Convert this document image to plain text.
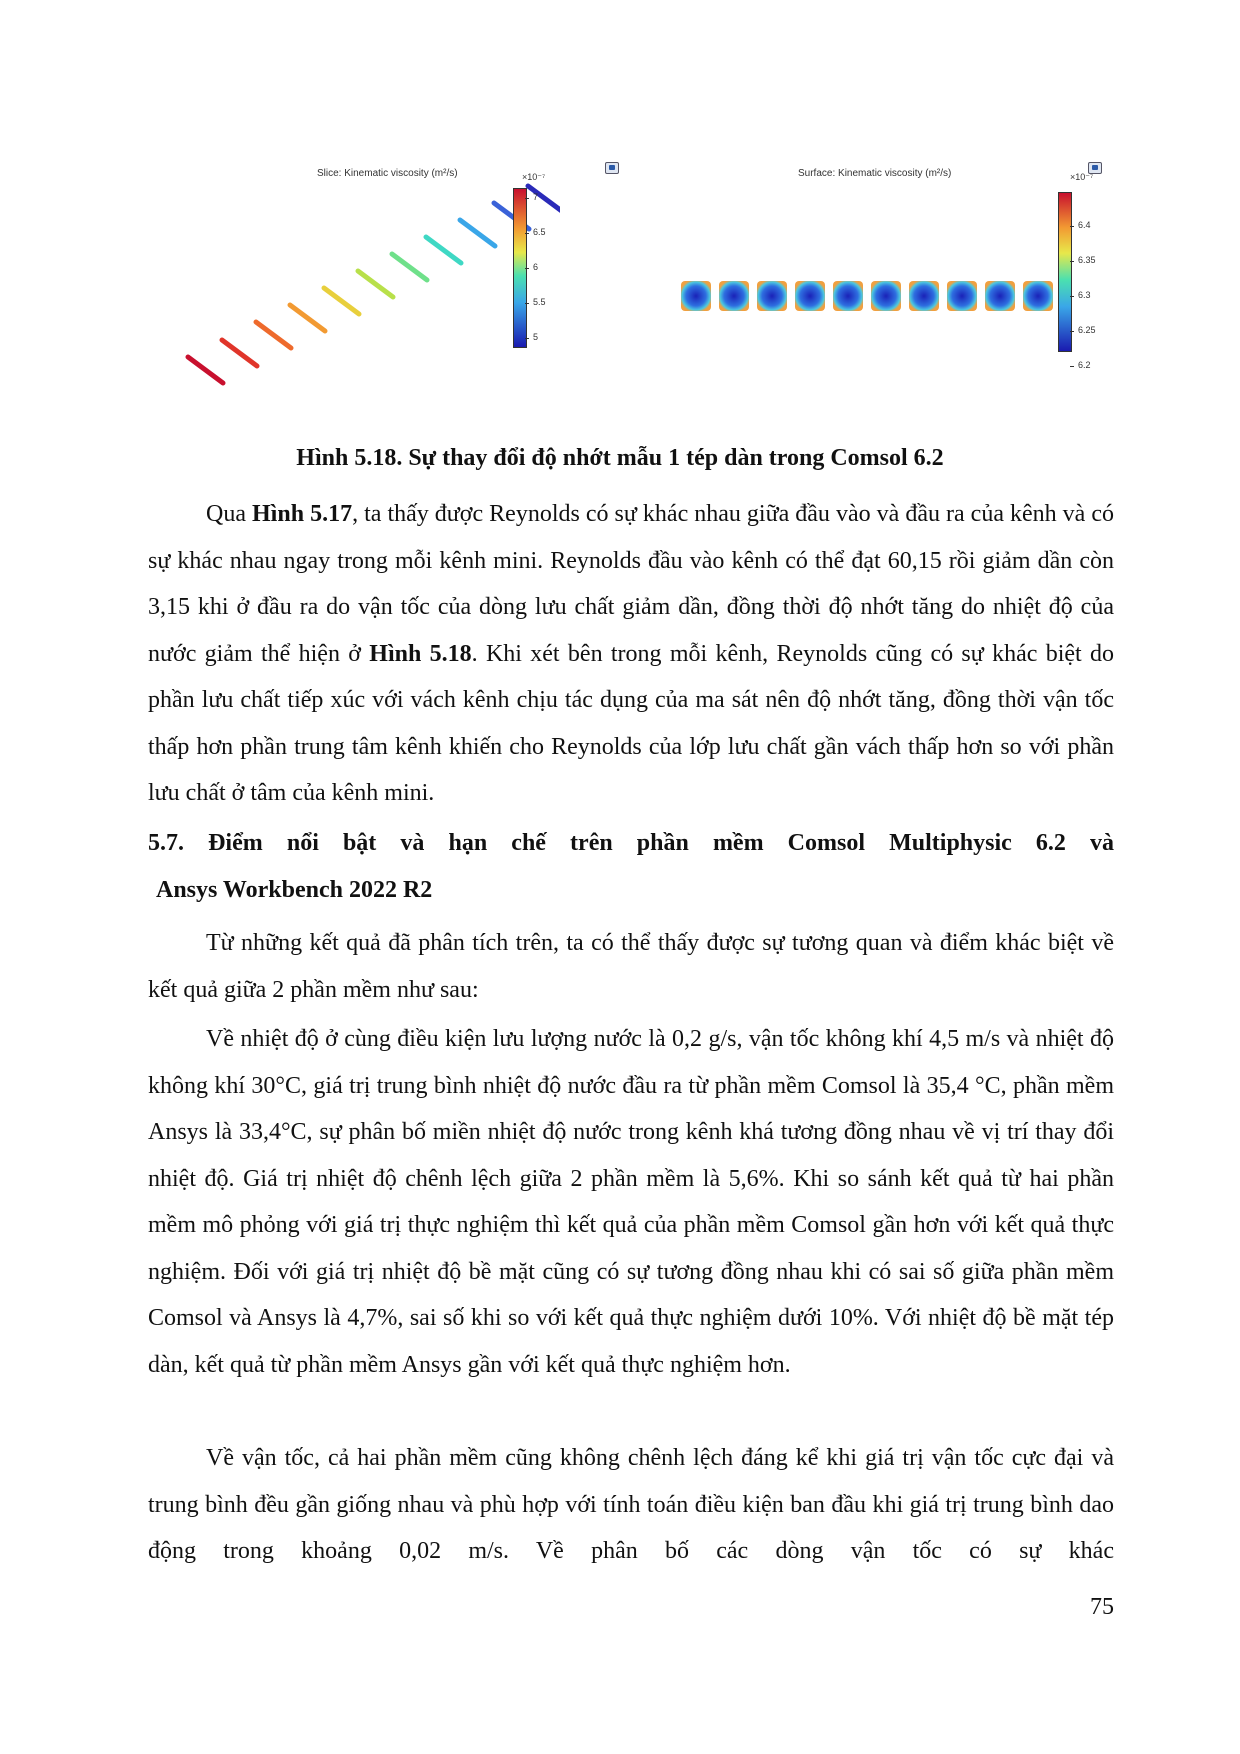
Slice: Kinematic viscosity (m²/s)	×10⁻⁷
7
6.5
6
5.5
5
Surface: Kinematic viscosity (m²/s)	×10⁻⁷
6.4
6.35
6.3
6.25
6.2
Hình 5.18. Sự thay đổi độ nhớt mẫu 1 tép dàn trong Comsol 6.2

Qua Hình 5.17, ta thấy được Reynolds có sự khác nhau giữa đầu vào và đầu ra của kênh và có sự khác nhau ngay trong mỗi kênh mini. Reynolds đầu vào kênh có thể đạt 60,15 rồi giảm dần còn 3,15 khi ở đầu ra do vận tốc của dòng lưu chất giảm dần, đồng thời độ nhớt tăng do nhiệt độ của nước giảm thể hiện ở Hình 5.18. Khi xét bên trong mỗi kênh, Reynolds cũng có sự khác biệt do phần lưu chất tiếp xúc với vách kênh chịu tác dụng của ma sát nên độ nhớt tăng, đồng thời vận tốc thấp hơn phần trung tâm kênh khiến cho Reynolds của lớp lưu chất gần vách thấp hơn so với phần lưu chất ở tâm của kênh mini.

5.7. Điểm nổi bật và hạn chế trên phần mềm Comsol Multiphysic 6.2 và
Ansys Workbench 2022 R2

Từ những kết quả đã phân tích trên, ta có thể thấy được sự tương quan và điểm khác biệt về kết quả giữa 2 phần mềm như sau:

Về nhiệt độ ở cùng điều kiện lưu lượng nước là 0,2 g/s, vận tốc không khí 4,5 m/s và nhiệt độ không khí 30°C, giá trị trung bình nhiệt độ nước đầu ra từ phần mềm Comsol là 35,4 °C, phần mềm Ansys là 33,4°C, sự phân bố miền nhiệt độ nước trong kênh khá tương đồng nhau về vị trí thay đổi nhiệt độ. Giá trị nhiệt độ chênh lệch giữa 2 phần mềm là 5,6%. Khi so sánh kết quả từ hai phần mềm mô phỏng với giá trị thực nghiệm thì kết quả của phần mềm Comsol gần hơn với kết quả thực nghiệm. Đối với giá trị nhiệt độ bề mặt cũng có sự tương đồng nhau khi có sai số giữa phần mềm Comsol và Ansys là 4,7%, sai số khi so với kết quả thực nghiệm dưới 10%. Với nhiệt độ bề mặt tép dàn, kết quả từ phần mềm Ansys gần với kết quả thực nghiệm hơn.

Về vận tốc, cả hai phần mềm cũng không chênh lệch đáng kể khi giá trị vận tốc cực đại và trung bình đều gần giống nhau và phù hợp với tính toán điều kiện ban đầu khi giá trị trung bình dao động trong khoảng 0,02 m/s. Về phân bố các dòng vận tốc có sự khác

75
